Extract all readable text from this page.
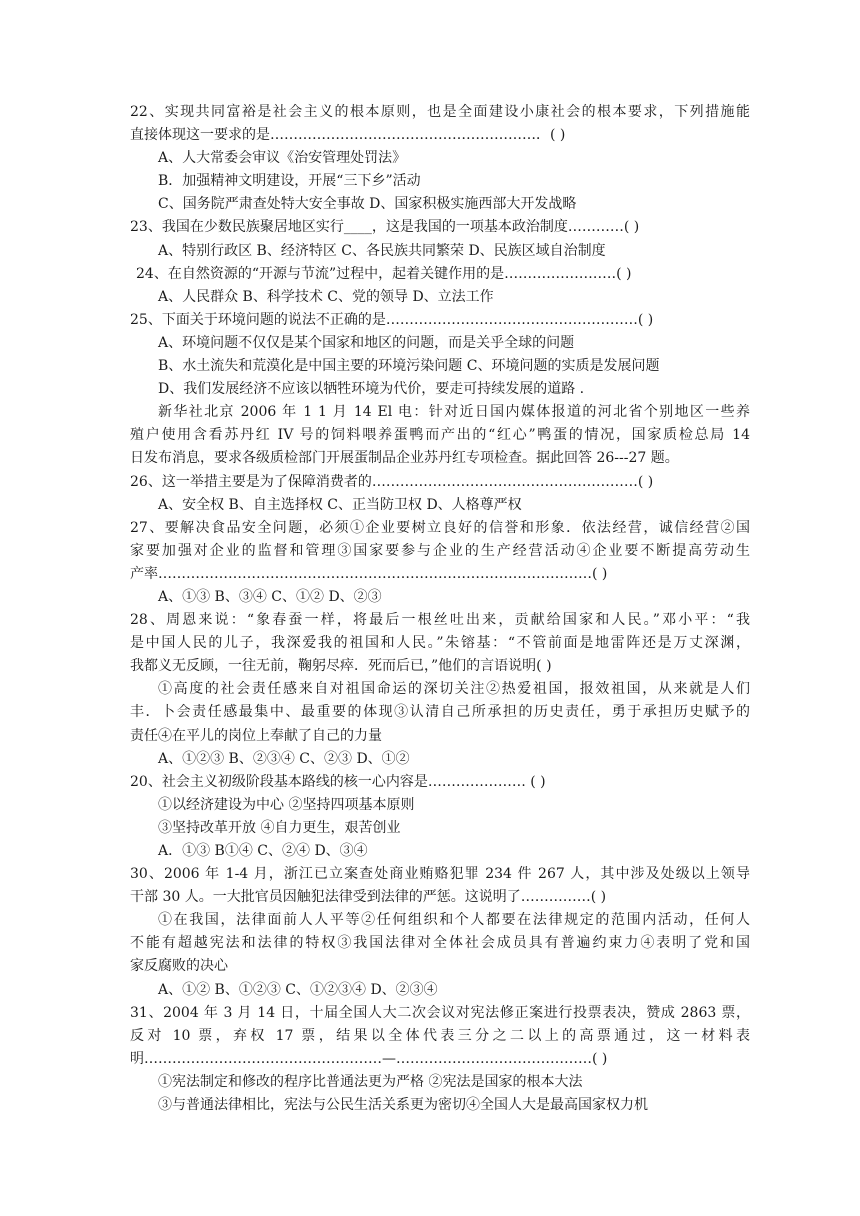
22、实现共同富裕是社会主义的根本原则，也是全面建设小康社会的根本要求，下列措施能
直接体现这一要求的是…………………………………………………．( )
A、人大常委会审议《治安管理处罚法》
B．加强精神文明建设，开展“三下乡”活动
C、国务院严肃查处特大安全事故 D、国家积极实施西部大开发战略
23、我国在少数民族聚居地区实行____，这是我国的一项基本政治制度…………( )
A、特别行政区 B、经济特区 C、各民族共同繁荣 D、民族区域自治制度
24、在自然资源的“开源与节流”过程中，起着关键作用的是……………………( )
A、人民群众 B、科学技术 C、党的领导 D、立法工作
25、下面关于环境问题的说法不正确的是………………………………………………( )
A、环境问题不仅仅是某个国家和地区的问题，而是关乎全球的问题
B、水土流失和荒漠化是中国主要的环境污染问题 C、环境问题的实质是发展问题
D、我们发展经济不应该以牺牲环境为代价，要走可持续发展的道路 .
新华社北京 2006 年 1 1 月 14 El 电：针对近日国内媒体报道的河北省个别地区一些养
殖户使用含看苏丹红 IV 号的饲料喂养蛋鸭而产出的“红心”鸭蛋的情况，国家质检总局 14
日发布消息，要求各级质检部门开展蛋制品企业苏丹红专项检查。据此回答 26---27 题。
26、这一举措主要是为了保障消费者的…………………………………………………( )
A、安全权 B、自主选择权 C、正当防卫权 D、人格尊严权
27、要解决食品安全问题，必须①企业要树立良好的信誉和形象．依法经营，诚信经营②国
家要加强对企业的监督和管理③国家要参与企业的生产经营活动④企业要不断提高劳动生
产率…………………………………………………………………………………( )
A、①③ B、③④ C、①② D、②③
28、周恩来说：“象春蚕一样，将最后一根丝吐出来，贡献给国家和人民。”邓小平：“我
是中国人民的儿子，我深爱我的祖国和人民。”朱镕基：“不管前面是地雷阵还是万丈深渊，
我都义无反顾，一往无前，鞠躬尽瘁．死而后已，”他们的言语说明( )
①高度的社会责任感来自对祖国命运的深切关注②热爱祖国，报效祖国，从来就是人们
丰．卜会责任感最集中、最重要的体现③认清自己所承担的历史责任，勇于承担历史赋予的
责任④在平儿的岗位上奉献了自己的力量
A、①②③ B、②③④ C、②③ D、①②
20、社会主义初级阶段基本路线的核一心内容是………………… ( )
①以经济建设为中心 ②坚持四项基本原则
③坚持改革开放 ④自力更生，艰苦创业
A．①③ B①④ C、②④ D、③④
30、2006 年 1-4 月，浙江已立案查处商业贿赂犯罪 234 件 267 人，其中涉及处级以上领导
干部 30 人。一大批官员因触犯法律受到法律的严惩。这说明了……………( )
①在我国，法律面前人人平等②任何组织和个人都要在法律规定的范围内活动，任何人
不能有超越宪法和法律的特权③我国法律对全体社会成员具有普遍约束力④表明了党和国
家反腐败的决心
A、①② B、①②③ C、①②③④ D、②③④
31、2004 年 3 月 14 日，十届全国人大二次会议对宪法修正案进行投票表决，赞成 2863 票，
反对 10 票，弃权 17 票，结果以全体代表三分之二以上的高票通过，这一材料表
明……………………………………………—……………………………………( )
①宪法制定和修改的程序比普通法更为严格 ②宪法是国家的根本大法
③与普通法律相比，宪法与公民生活关系更为密切④全国人大是最高国家权力机
